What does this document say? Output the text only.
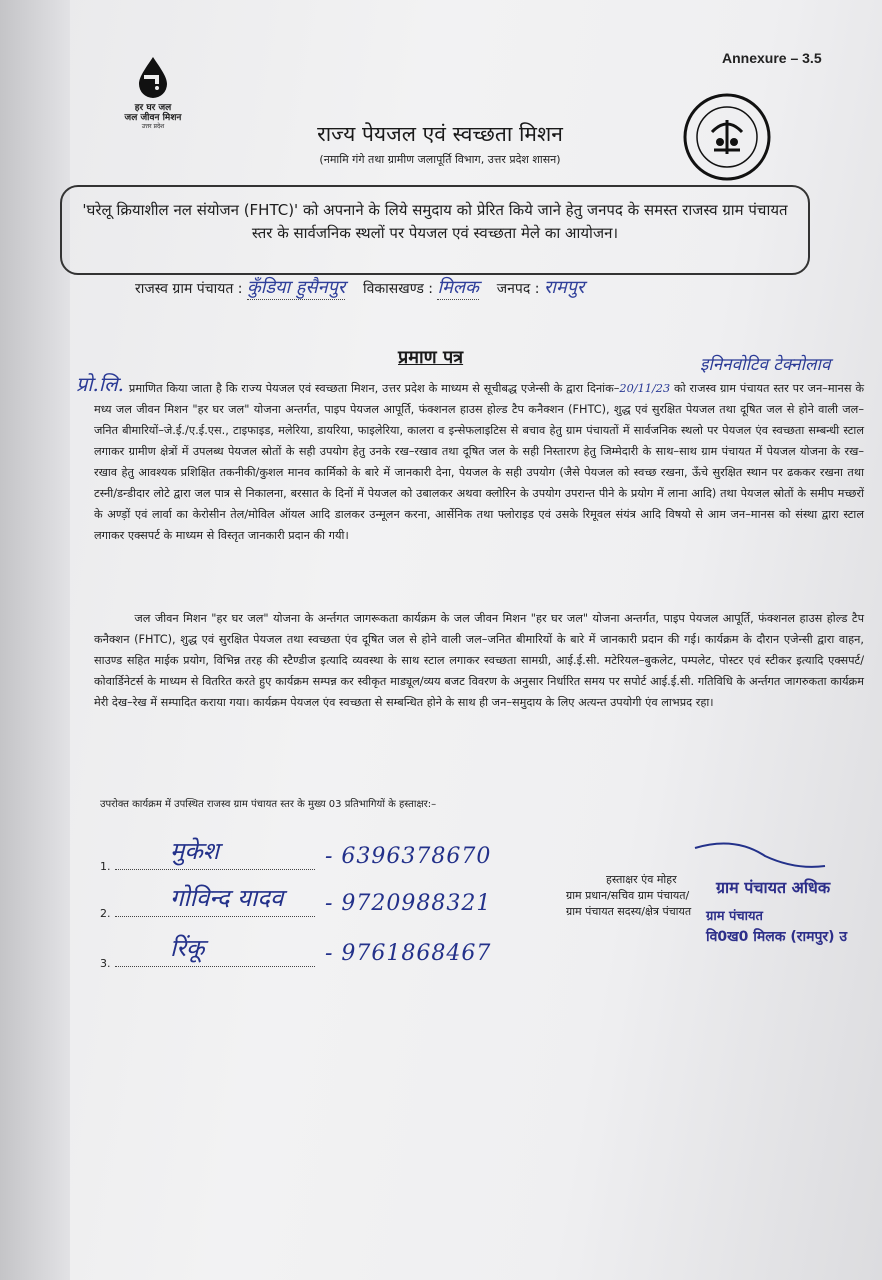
Annexure – 3.5
हर घर जल
जल जीवन मिशन
उत्तर प्रदेश	राज्य पेयजल एवं स्वच्छता मिशन
(नमामि गंगे तथा ग्रामीण जलापूर्ति विभाग, उत्तर प्रदेश शासन)
'घरेलू क्रियाशील नल संयोजन (FHTC)' को अपनाने के लिये समुदाय को प्रेरित किये जाने हेतु जनपद के समस्त राजस्व ग्राम पंचायत स्तर के सार्वजनिक स्थलों पर पेयजल एवं स्वच्छता मेले का आयोजन।
राजस्व ग्राम पंचायत : कुँडिया हुसैनपुर विकासखण्ड : मिलक जनपद : रामपुर
प्रमाण पत्र	इनिनवोटिव टेक्नोलाव
प्रो.लि. प्रमाणित किया जाता है कि राज्य पेयजल एवं स्वच्छता मिशन, उत्तर प्रदेश के माध्यम से सूचीबद्ध एजेन्सी के द्वारा दिनांक–20/11/23 को राजस्व ग्राम पंचायत स्तर पर जन–मानस के मध्य जल जीवन मिशन "हर घर जल" योजना अन्तर्गत, पाइप पेयजल आपूर्ति, फंक्शनल हाउस होल्ड टैप कनैक्शन (FHTC), शुद्ध एवं सुरक्षित पेयजल तथा दूषित जल से होने वाली जल–जनित बीमारियों–जे.ई./ए.ई.एस., टाइफाइड, मलेरिया, डायरिया, फाइलेरिया, कालरा व इन्सेफलाइटिस से बचाव हेतु ग्राम पंचायतों में सार्वजनिक स्थलो पर पेयजल एंव स्वच्छता सम्बन्धी स्टाल लगाकर ग्रामीण क्षेत्रों में उपलब्ध पेयजल स्रोतों के सही उपयोग हेतु उनके रख–रखाव तथा दूषित जल के सही निस्तारण हेतु जिम्मेदारी के साथ–साथ ग्राम पंचायत में पेयजल योजना के रख–रखाव हेतु आवश्यक प्रशिक्षित तकनीकी/कुशल मानव कार्मिको के बारे में जानकारी देना, पेयजल के सही उपयोग (जैसे पेयजल को स्वच्छ रखना, ऊँचे सुरक्षित स्थान पर ढककर रखना तथा टस्नी/डन्डीदार लोटे द्वारा जल पात्र से निकालना, बरसात के दिनों में पेयजल को उबालकर अथवा क्लोरिन के उपयोग उपरान्त पीने के प्रयोग में लाना आदि) तथा पेयजल स्रोतों के समीप मच्छरों के अण्ड़ों एवं लार्वा का केरोसीन तेल/मोविल ऑयल आदि डालकर उन्मूलन करना, आर्सेनिक तथा फ्लोराइड एवं उसके रिमूवल संयंत्र आदि विषयो से आम जन–मानस को संस्था द्वारा स्टाल लगाकर एक्सपर्ट के माध्यम से विस्तृत जानकारी प्रदान की गयी।
जल जीवन मिशन "हर घर जल" योजना के अर्न्तगत जागरूकता कार्यक्रम के जल जीवन मिशन "हर घर जल" योजना अन्तर्गत, पाइप पेयजल आपूर्ति, फंक्शनल हाउस होल्ड टैप कनैक्शन (FHTC), शुद्ध एवं सुरक्षित पेयजल तथा स्वच्छता एंव दूषित जल से होने वाली जल–जनित बीमारियों के बारे में जानकारी प्रदान की गई। कार्यक्रम के दौरान एजेन्सी द्वारा वाहन, साउण्ड सहित माईक प्रयोग, विभिन्न तरह की स्टैण्डीज इत्यादि व्यवस्था के साथ स्टाल लगाकर स्वच्छता सामग्री, आई.ई.सी. मटेरियल–बुकलेट, पम्पलेट, पोस्टर एवं स्टीकर इत्यादि एक्सपर्ट/कोवार्डिनेटर्स के माध्यम से वितरित करते हुए कार्यक्रम सम्पन्न कर स्वीकृत माड्यूल/व्यय बजट विवरण के अनुसार निर्धारित समय पर सपोर्ट आई.ई.सी. गतिविधि के अर्न्तगत जागरुकता कार्यक्रम मेरी देख–रेख में सम्पादित कराया गया। कार्यक्रम पेयजल एंव स्वच्छता से सम्बन्धित होने के साथ ही जन–समुदाय के लिए अत्यन्त उपयोगी एंव लाभप्रद रहा।
उपरोक्त कार्यक्रम में उपस्थित राजस्व ग्राम पंचायत स्तर के मुख्य 03 प्रतिभागियों के हस्ताक्षर:–
1.
मुकेश	- 6396378670
2.
गोविन्द यादव - 9720988321
3.
रिंकू	- 9761868467
हस्ताक्षर एंव मोहर
ग्राम प्रधान/सचिव ग्राम पंचायत/
ग्राम पंचायत सदस्य/क्षेत्र पंचायत
ग्राम पंचायत अधिक
ग्राम पंचायत
वि0ख0 मिलक (रामपुर) उ
